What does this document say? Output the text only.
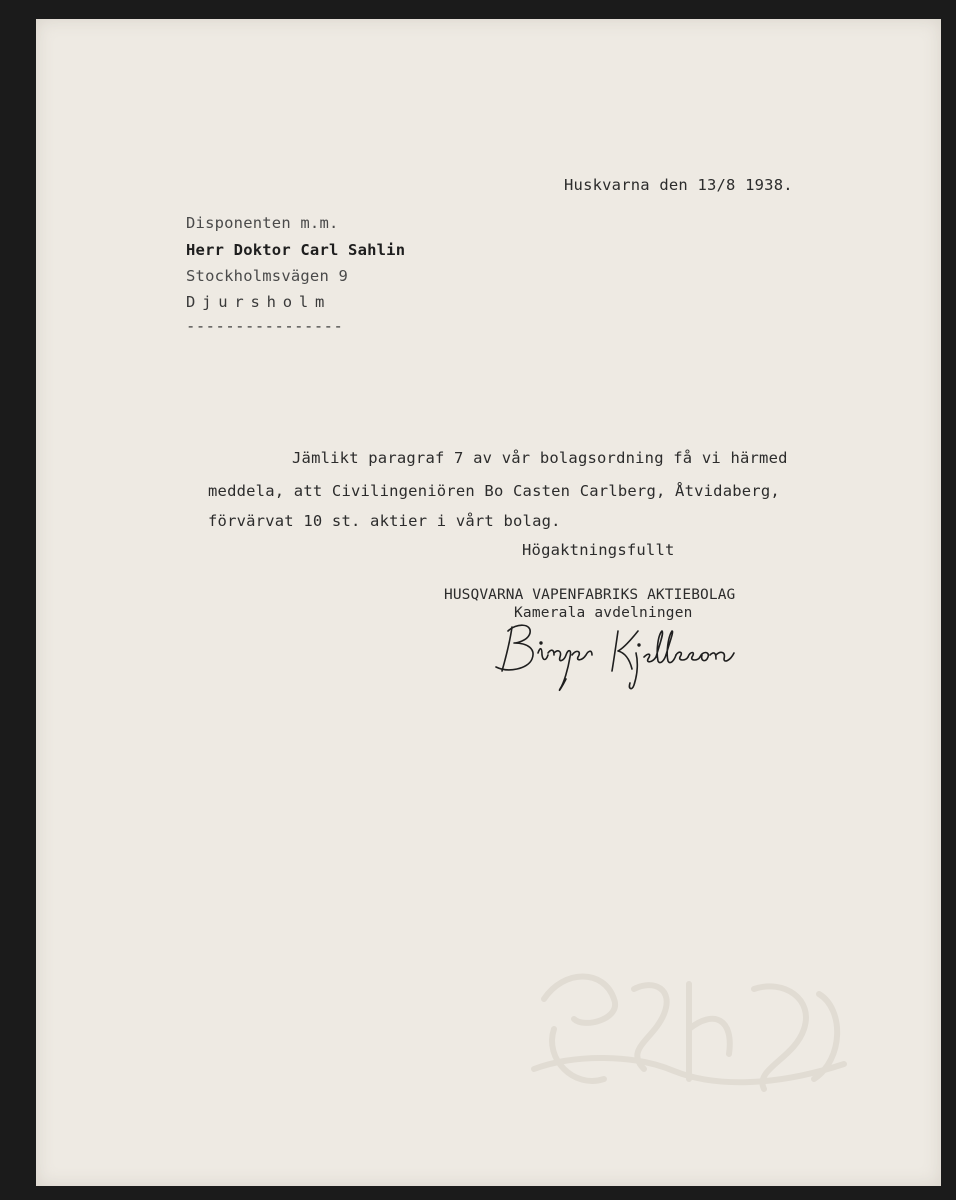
Huskvarna den 13/8 1938.
Disponenten m.m.
Herr Doktor Carl Sahlin
Stockholmsvägen 9
Djursholm
----------------
Jämlikt paragraf 7 av vår bolagsordning få vi härmed
meddela, att Civilingeniören Bo Casten Carlberg, Åtvidaberg,
förvärvat 10 st. aktier i vårt bolag.
Högaktningsfullt
HUSQVARNA VAPENFABRIKS AKTIEBOLAG
Kamerala avdelningen
